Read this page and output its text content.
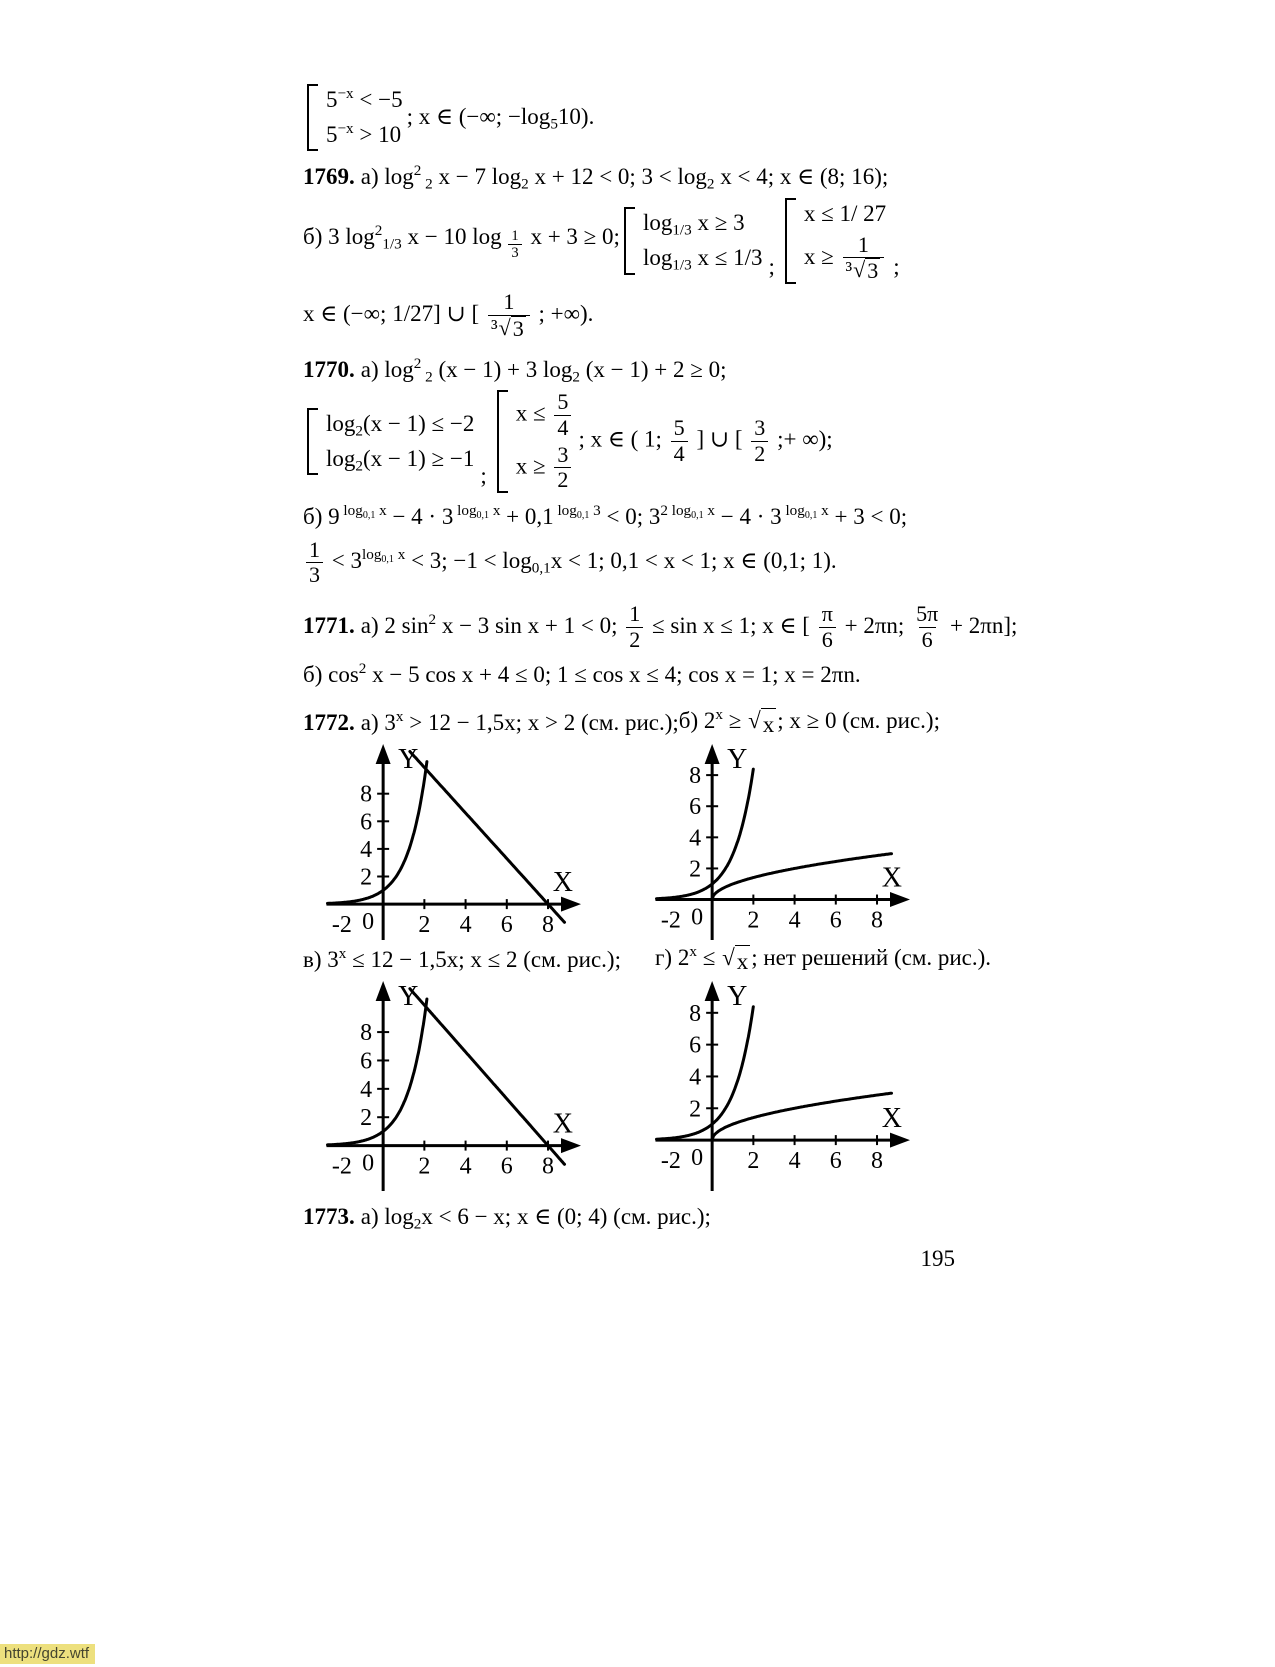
$5^{-x} < -5$
$5^{-x} > 10$
; x ∈ (−∞; $-\log_510$).
1769. а) $\log^2 _2$ x − 7 $\log_2 x + 12 < 0$; $3 < \log_2 x < 4$; x ∈ (8; 16);
б) 3 $\log^2_{1/3} x - 10$ log $_{\frac{1}{3}}$ x + 3 ≥ 0;
$\log_{1/3} x \ge 3$
$\log_{1/3} x \le 1/3$ ;
x ≤ 1/ 27
$x \ge \frac{1}{\text{³ √ 3}}$ ;
x ∈ (−∞; 1/27] ∪ [ $\frac{1}{\text{³ √ 3}}$ ; +∞).
1770. а) $\log^2 _2$ (x − 1) + 3 $\log_2 (x - 1) + 2 \ge 0$;
$\log_2(x - 1) \le -2$
$\log_2(x - 1) \ge -1$
;
$x \le \frac{5}{4}$
$x \ge \frac{3}{2}$
; x ∈ ( 1; $\frac{5}{4}$ ] ∪ [ $\frac{3}{2}$ ;+ ∞);
б) 9 $^{log_{0,1} x}$ − 4 · 3 $^{log_{0,1} x}$ + 0,1 $^{log_{0,1} 3}$ < 0; $3^{2 log_{0,1} x} - 4 \cdot 3$ $^{log_{0,1} x}$ + 3 < 0;
$\frac{1}{3} < 3^{log_{0,1} x} < 3$; $-1 < \log_{0,1}x < 1$; 0,1 < x < 1; x ∈ (0,1; 1).
1771. а) 2 $\sin^2 x - 3$ sin x + 1 < 0; $\frac{1}{2} \le \sin x \le 1$; x ∈ [ $\frac{\pi}{6} + 2\pi n$; $\frac{5\pi}{6} + 2\pi n$];
б) $\cos^2 x - 5$ cos x + 4 ≤ 0; 1 ≤ cos x ≤ 4; cos x = 1; x = 2πn.
1772. а) $3^x > 12 - 1,5x$; x > 2 (см. рис.); б) $2^x$ ≥ √ x ; x ≥ 0 (см. рис.);
-2	2 4 6 8
0
8
6
4
2	X
Y
-2	2 4 6 8
0
8
6
4
2	X
Y
в) $3^x \le 12 - 1,5x$; x ≤ 2 (см. рис.); г) $2^x$ ≤ √ x ; нет решений (см. рис.).
-2	2 4 6 8
0
8
6
4
2	X
Y
-2	2 4 6 8
0
8
6
4
2	X
Y
1773. а) $\log_2x < 6 - x$; x ∈ (0; 4) (см. рис.);
195
http://gdz.wtf
